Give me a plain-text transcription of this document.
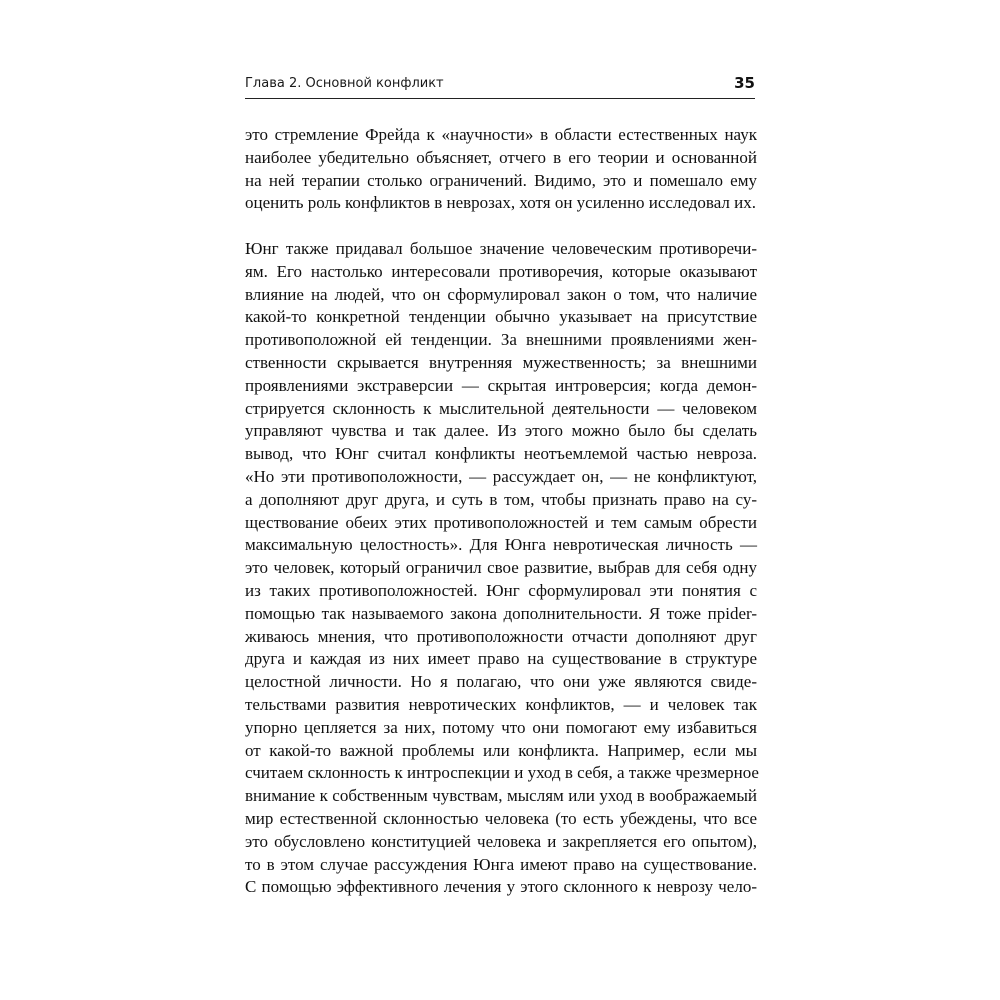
Глава 2. Основной конфликт	35

это стремление Фрейда к «научности» в области естественных наук
наиболее убедительно объясняет, отчего в его теории и основанной
на ней терапии столько ограничений. Видимо, это и помешало ему
оценить роль конфликтов в неврозах, хотя он усиленно исследовал их.

Юнг также придавал большое значение человеческим противоречи-
ям. Его настолько интересовали противоречия, которые оказывают
влияние на людей, что он сформулировал закон о том, что наличие
какой-то конкретной тенденции обычно указывает на присутствие
противоположной ей тенденции. За внешними проявлениями жен-
ственности скрывается внутренняя мужественность; за внешними
проявлениями экстраверсии — скрытая интроверсия; когда демон-
стрируется склонность к мыслительной деятельности — человеком
управляют чувства и так далее. Из этого можно было бы сделать
вывод, что Юнг считал конфликты неотъемлемой частью невроза.
«Но эти противоположности, — рассуждает он, — не конфликтуют,
а дополняют друг друга, и суть в том, чтобы признать право на су-
ществование обеих этих противоположностей и тем самым обрести
максимальную целостность». Для Юнга невротическая личность —
это человек, который ограничил свое развитие, выбрав для себя одну
из таких противоположностей. Юнг сформулировал эти понятия с
помощью так называемого закона дополнительности. Я тоже прider-
живаюсь мнения, что противоположности отчасти дополняют друг
друга и каждая из них имеет право на существование в структуре
целостной личности. Но я полагаю, что они уже являются свиде-
тельствами развития невротических конфликтов, — и человек так
упорно цепляется за них, потому что они помогают ему избавиться
от какой-то важной проблемы или конфликта. Например, если мы
считаем склонность к интроспекции и уход в себя, а также чрезмерное
внимание к собственным чувствам, мыслям или уход в воображаемый
мир естественной склонностью человека (то есть убеждены, что все
это обусловлено конституцией человека и закрепляется его опытом),
то в этом случае рассуждения Юнга имеют право на существование.
С помощью эффективного лечения у этого склонного к неврозу чело-
